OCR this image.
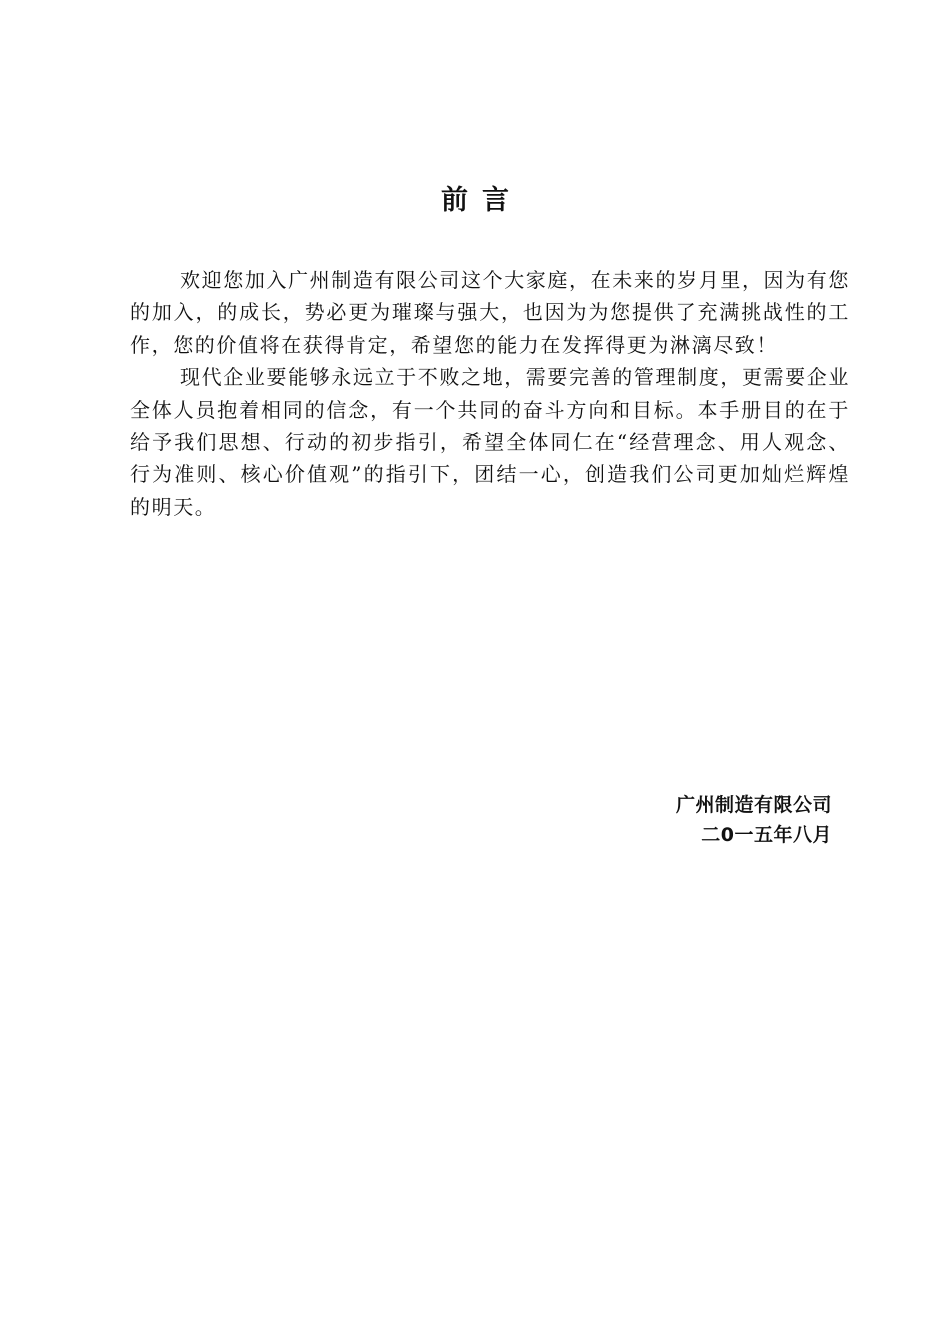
前言

欢迎您加入广州制造有限公司这个大家庭，在未来的岁月里，因为有您的加入，的成长，势必更为璀璨与强大，也因为为您提供了充满挑战性的工作，您的价值将在获得肯定，希望您的能力在发挥得更为淋漓尽致！

现代企业要能够永远立于不败之地，需要完善的管理制度，更需要企业全体人员抱着相同的信念，有一个共同的奋斗方向和目标。本手册目的在于给予我们思想、行动的初步指引，希望全体同仁在“经营理念、用人观念、行为准则、核心价值观”的指引下，团结一心，创造我们公司更加灿烂辉煌的明天。

广州制造有限公司
二0一五年八月
